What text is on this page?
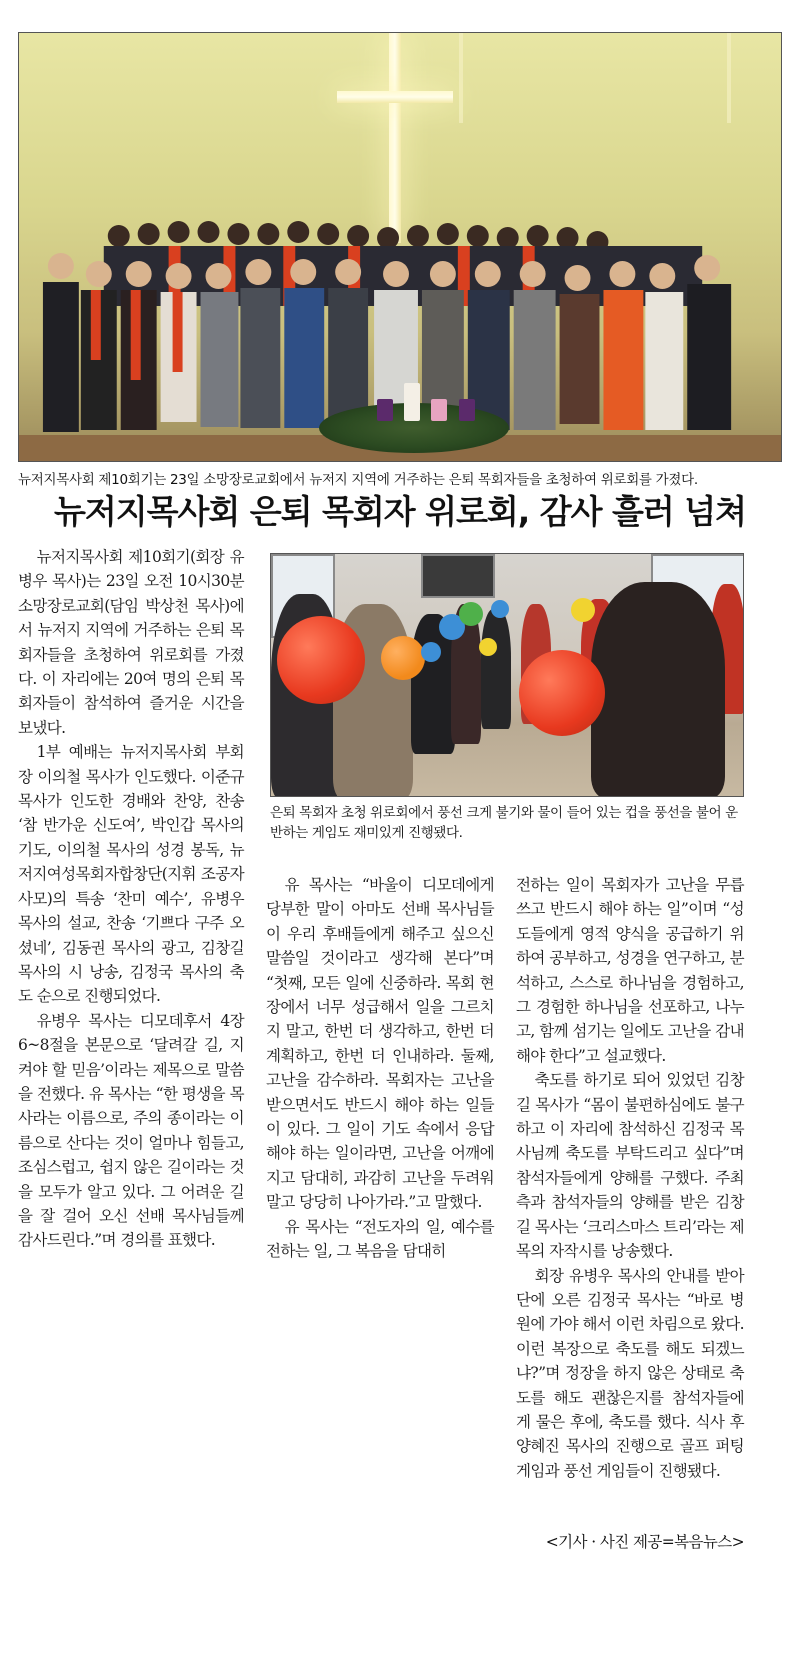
뉴저지목사회 제10회기는 23일 소망장로교회에서 뉴저지 지역에 거주하는 은퇴 목회자들을 초청하여 위로회를 가졌다.
뉴저지목사회 은퇴 목회자 위로회, 감사 흘러 넘쳐

뉴저지목사회 제10회기(회장 유병우 목사)는 23일 오전 10시30분 소망장로교회(담임 박상천 목사)에서 뉴저지 지역에 거주하는 은퇴 목회자들을 초청하여 위로회를 가졌다. 이 자리에는 20여 명의 은퇴 목회자들이 참석하여 즐거운 시간을 보냈다.

1부 예배는 뉴저지목사회 부회장 이의철 목사가 인도했다. 이준규 목사가 인도한 경배와 찬양, 찬송 ‘참 반가운 신도여’, 박인갑 목사의 기도, 이의철 목사의 성경 봉독, 뉴저지여성목회자합창단(지휘 조공자 사모)의 특송 ‘찬미 예수’, 유병우 목사의 설교, 찬송 ‘기쁘다 구주 오셨네’, 김동권 목사의 광고, 김창길 목사의 시 낭송, 김정국 목사의 축도 순으로 진행되었다.

유병우 목사는 디모데후서 4장 6~8절을 본문으로 ‘달려갈 길, 지켜야 할 믿음’이라는 제목으로 말씀을 전했다. 유 목사는 “한 평생을 목사라는 이름으로, 주의 종이라는 이름으로 산다는 것이 얼마나 힘들고, 조심스럽고, 쉽지 않은 길이라는 것을 모두가 알고 있다. 그 어려운 길을 잘 걸어 오신 선배 목사님들께 감사드린다.”며 경의를 표했다.

은퇴 목회자 초청 위로회에서 풍선 크게 불기와 물이 들어 있는 컵을 풍선을 불어 운반하는 게임도 재미있게 진행됐다.

유 목사는 “바울이 디모데에게 당부한 말이 아마도 선배 목사님들이 우리 후배들에게 해주고 싶으신 말씀일 것이라고 생각해 본다”며 “첫째, 모든 일에 신중하라. 목회 현장에서 너무 성급해서 일을 그르치지 말고, 한번 더 생각하고, 한번 더 계획하고, 한번 더 인내하라. 둘째, 고난을 감수하라. 목회자는 고난을 받으면서도 반드시 해야 하는 일들이 있다. 그 일이 기도 속에서 응답 해야 하는 일이라면, 고난을 어깨에 지고 담대히, 과감히 고난을 두려워 말고 당당히 나아가라.”고 말했다.

유 목사는 “전도자의 일, 예수를 전하는 일, 그 복음을 담대히

전하는 일이 목회자가 고난을 무릅쓰고 반드시 해야 하는 일”이며 “성도들에게 영적 양식을 공급하기 위하여 공부하고, 성경을 연구하고, 분석하고, 스스로 하나님을 경험하고, 그 경험한 하나님을 선포하고, 나누고, 함께 섬기는 일에도 고난을 감내해야 한다”고 설교했다.

축도를 하기로 되어 있었던 김창길 목사가 “몸이 불편하심에도 불구하고 이 자리에 참석하신 김정국 목사님께 축도를 부탁드리고 싶다”며 참석자들에게 양해를 구했다. 주최측과 참석자들의 양해를 받은 김창길 목사는 ‘크리스마스 트리’라는 제목의 자작시를 낭송했다.

회장 유병우 목사의 안내를 받아 단에 오른 김정국 목사는 “바로 병원에 가야 해서 이런 차림으로 왔다. 이런 복장으로 축도를 해도 되겠느냐?”며 정장을 하지 않은 상태로 축도를 해도 괜찮은지를 참석자들에게 물은 후에, 축도를 했다. 식사 후 양혜진 목사의 진행으로 골프 퍼팅 게임과 풍선 게임들이 진행됐다.

<기사 · 사진 제공=복음뉴스>
